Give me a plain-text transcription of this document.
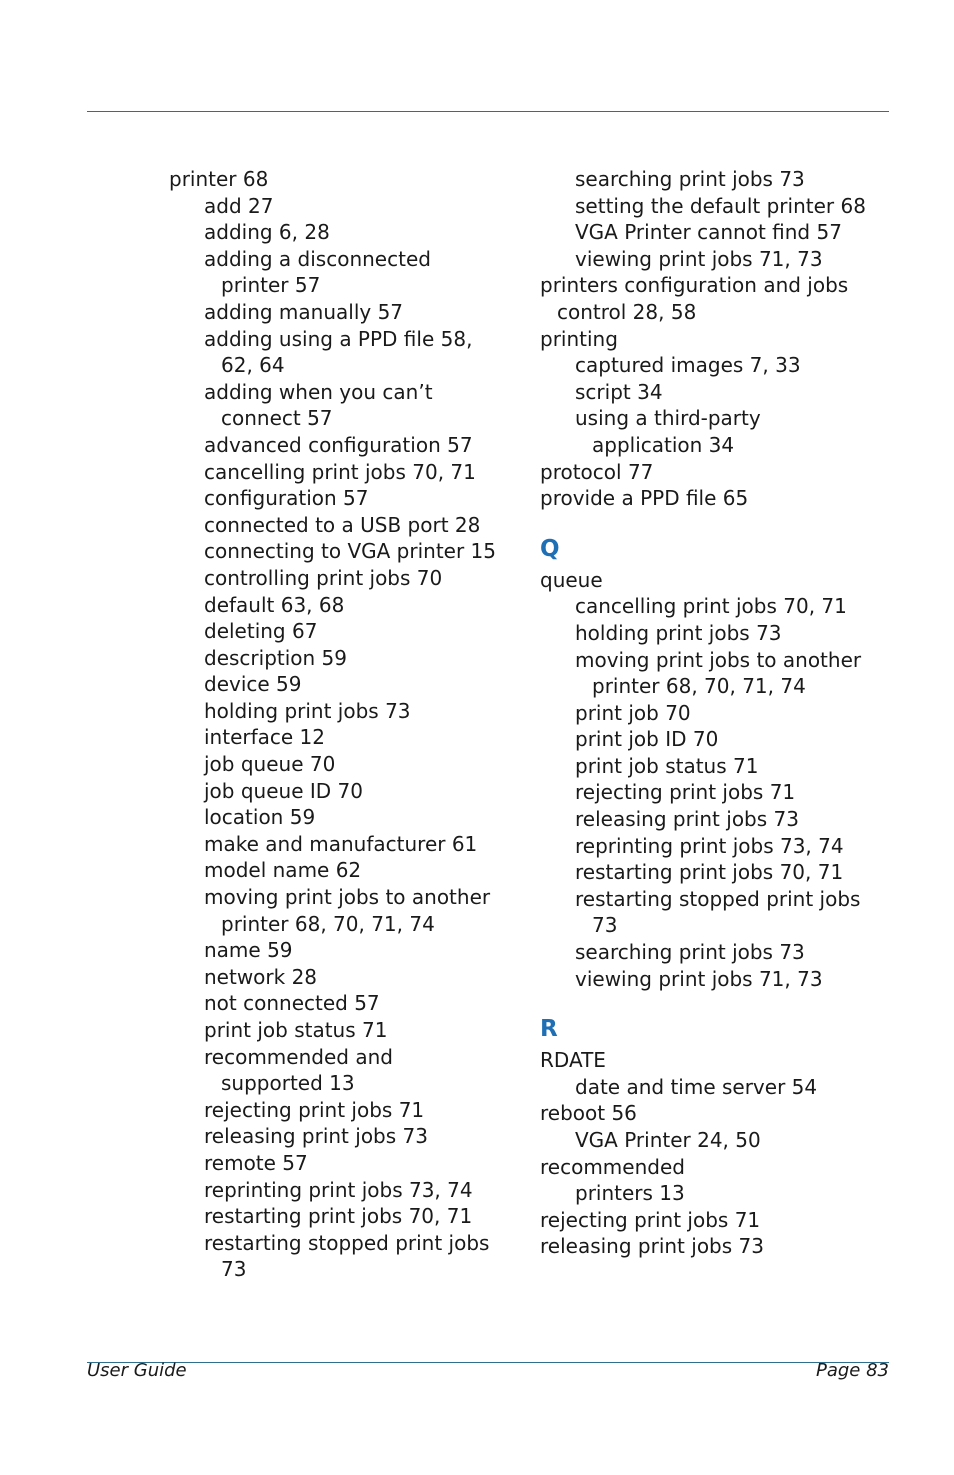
printer 68
add 27
adding 6, 28
adding a disconnected
printer 57
adding manually 57
adding using a PPD file 58,
62, 64
adding when you can’t
connect 57
advanced configuration 57
cancelling print jobs 70, 71
configuration 57
connected to a USB port 28
connecting to VGA printer 15
controlling print jobs 70
default 63, 68
deleting 67
description 59
device 59
holding print jobs 73
interface 12
job queue 70
job queue ID 70
location 59
make and manufacturer 61
model name 62
moving print jobs to another
printer 68, 70, 71, 74
name 59
network 28
not connected 57
print job status 71
recommended and
supported 13
rejecting print jobs 71
releasing print jobs 73
remote 57
reprinting print jobs 73, 74
restarting print jobs 70, 71
restarting stopped print jobs
73
searching print jobs 73
setting the default printer 68
VGA Printer cannot find 57
viewing print jobs 71, 73
printers configuration and jobs
control 28, 58
printing
captured images 7, 33
script 34
using a third-party
application 34
protocol 77
provide a PPD file 65
Q
queue
cancelling print jobs 70, 71
holding print jobs 73
moving print jobs to another
printer 68, 70, 71, 74
print job 70
print job ID 70
print job status 71
rejecting print jobs 71
releasing print jobs 73
reprinting print jobs 73, 74
restarting print jobs 70, 71
restarting stopped print jobs
73
searching print jobs 73
viewing print jobs 71, 73
R
RDATE
date and time server 54
reboot 56
VGA Printer 24, 50
recommended
printers 13
rejecting print jobs 71
releasing print jobs 73
User Guide	Page 83
